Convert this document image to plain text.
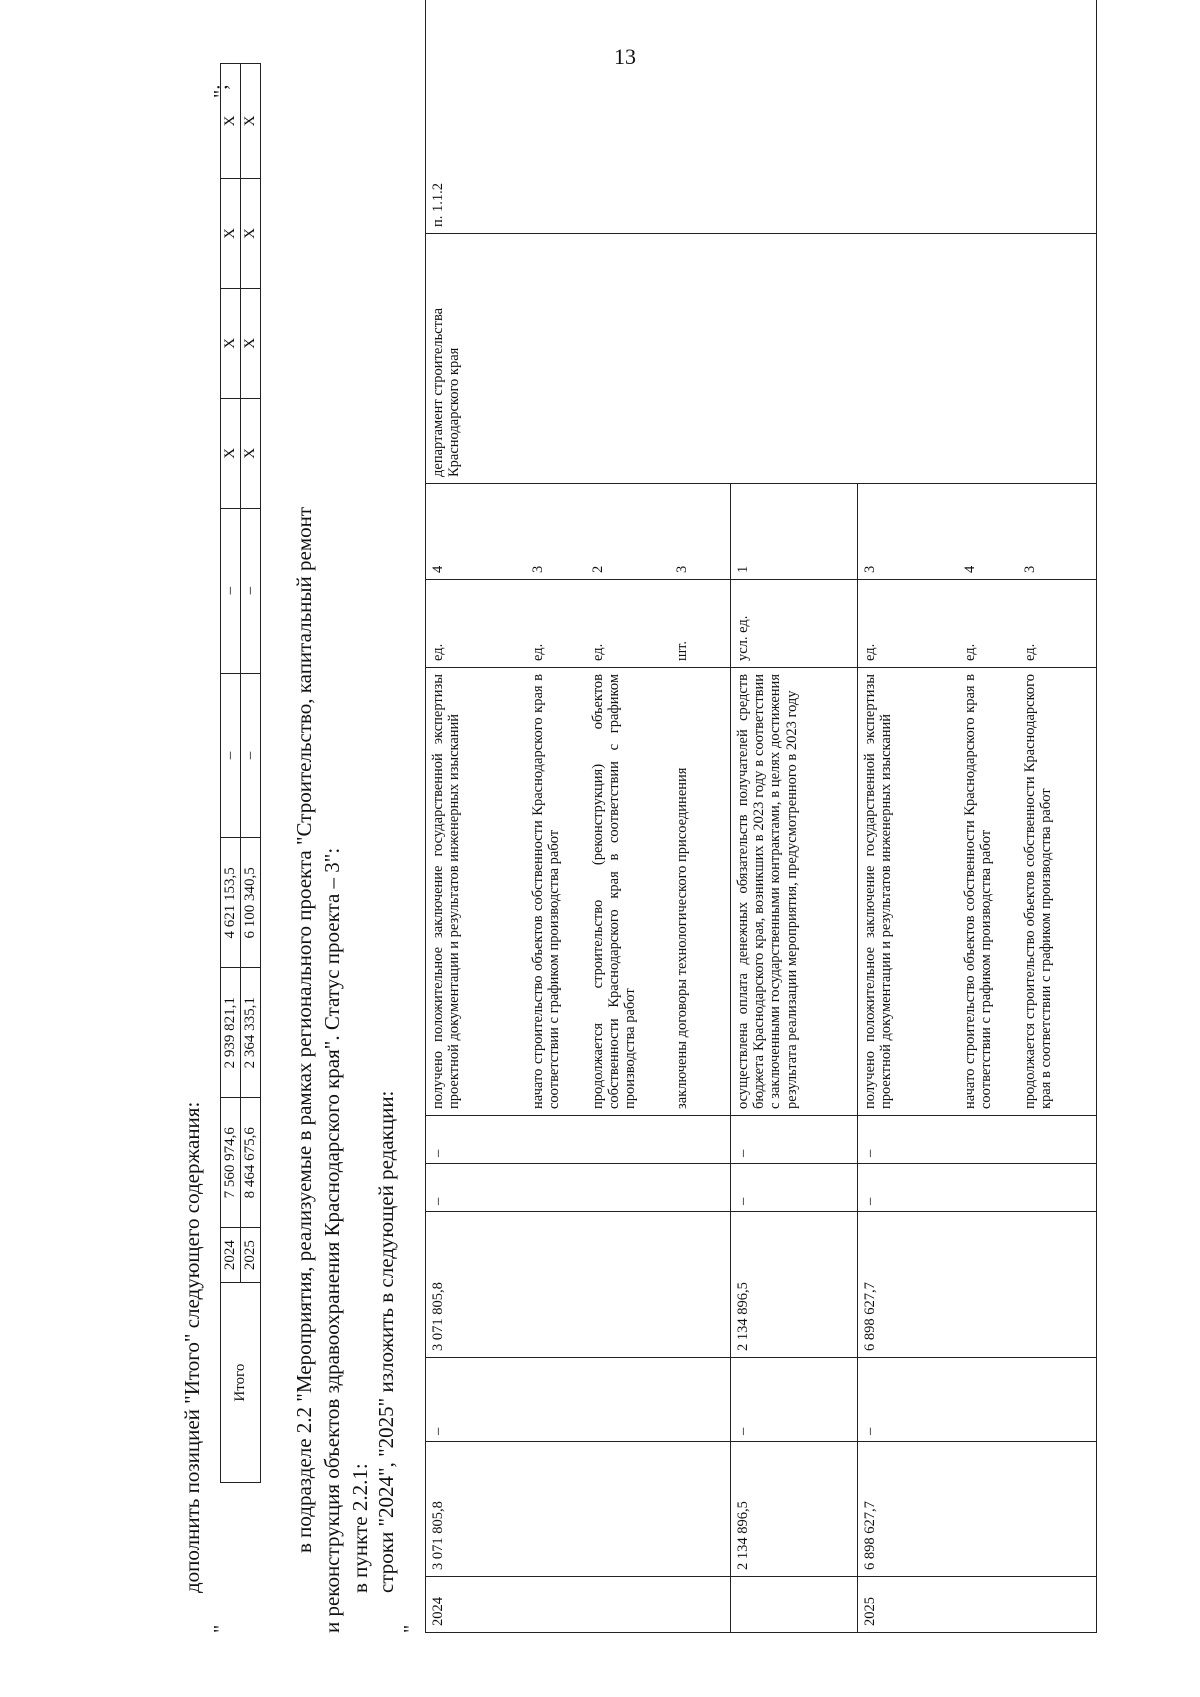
13
"
дополнить позицией "Итого" следующего содержания: Итого	2024	7 560 974,6	2 939 821,1	4 621 153,5	–	–	X	X	X	X
	2025	8 464 675,6	2 364 335,1	6 100 340,5	–	–	X	X	X	X
";
в подразделе 2.2 "Мероприятия, реализуемые в рамках регионального проекта "Строительство, капитальный ремонт и реконструкция объектов здравоохранения Краснодарского края". Статус проекта – 3": в пункте 2.2.1: строки "2024", "2025" изложить в следующей редакции:
"
2024	3 071 805,8	–	3 071 805,8	–	–	получено положительное заключение государственной экспертизы проектной документации и результатов инженерных изысканий	ед.	4	департамент строительства Краснодарского края	п. 1.1.2
						начато строительство объектов собственности Краснодарского края в соответствии с графиком производства работ	ед.	3		
						продолжается строительство (реконструкция) объектов собственности Краснодарского края в соответствии с графиком производства работ	ед.	2		
						заключены договоры технологического присоединения	шт.	3		
	2 134 896,5	–	2 134 896,5	–	–	осуществлена оплата денежных обязательств получателей средств бюджета Краснодарского края, возникших в 2023 году в соответствии с заключенными государственными контрактами, в целях достижения результата реализации мероприятия, предусмотренного в 2023 году	усл. ед.	1		
2025	6 898 627,7	–	6 898 627,7	–	–	получено положительное заключение государственной экспертизы проектной документации и результатов инженерных изысканий	ед.	3		
						начато строительство объектов собственности Краснодарского края в соответствии с графиком производства работ	ед.	4		
						продолжается строительство объектов собственности Краснодарского края в соответствии с графиком производства работ	ед.	3		
